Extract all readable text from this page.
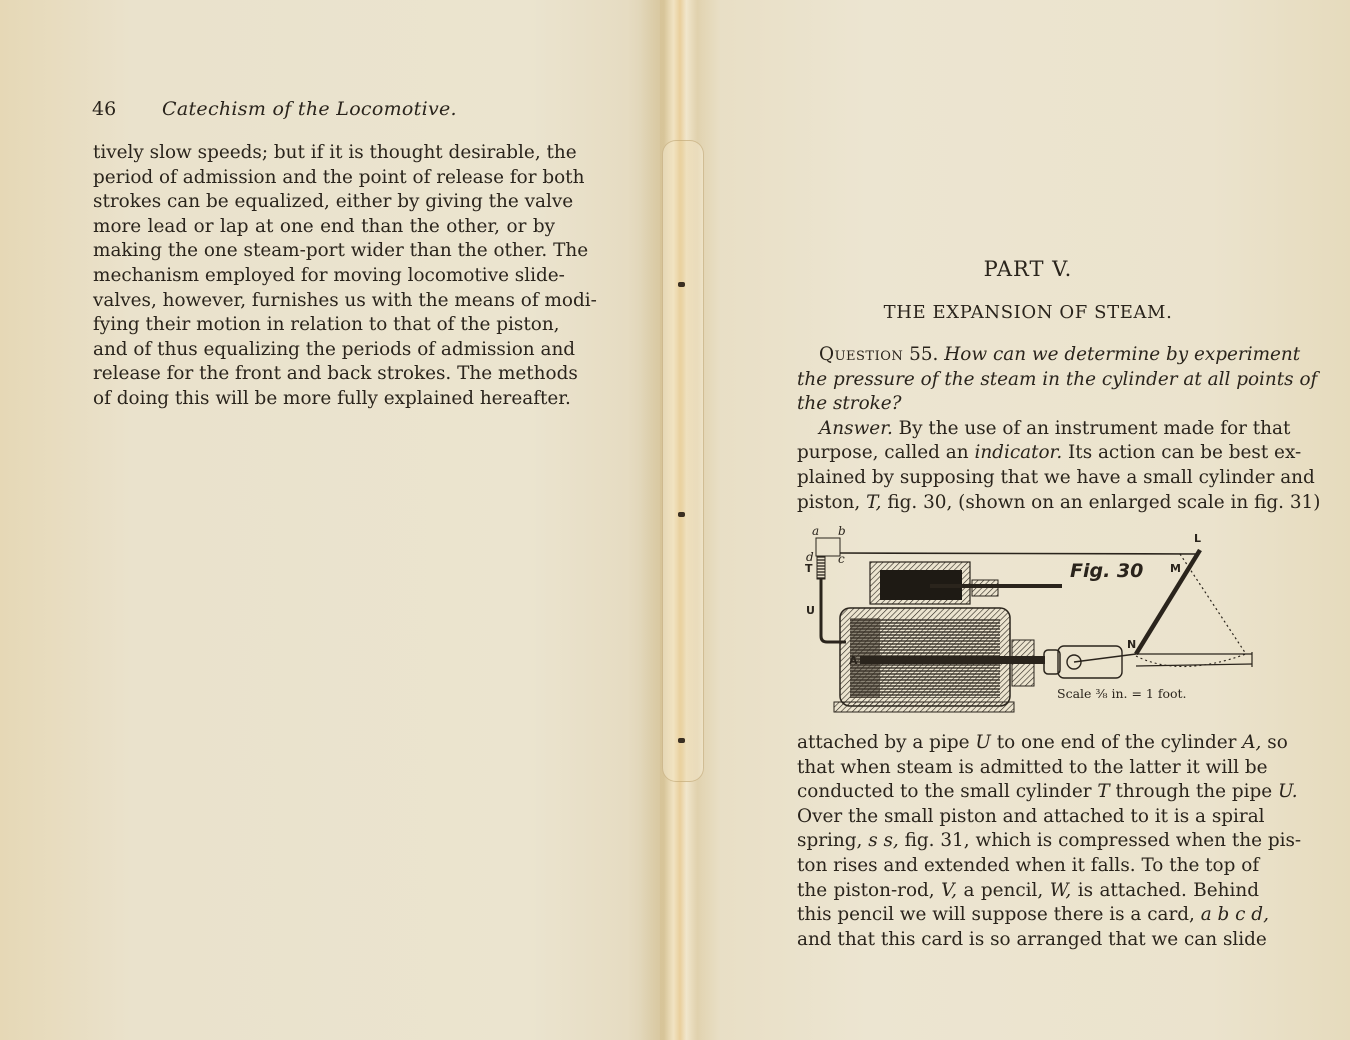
46	Catechism of the Locomotive.
tively slow speeds; but if it is thought desirable, the
period of admission and the point of release for both
strokes can be equalized, either by giving the valve
more lead or lap at one end than the other, or by
making the one steam-port wider than the other. The
mechanism employed for moving locomotive slide-
valves, however, furnishes us with the means of modi-
fying their motion in relation to that of the piston,
and of thus equalizing the periods of admission and
release for the front and back strokes. The methods
of doing this will be more fully explained hereafter.
PART V.
THE EXPANSION OF STEAM.
Question 55. How can we determine by experiment
the pressure of the steam in the cylinder at all points of
the stroke?
Answer. By the use of an instrument made for that
purpose, called an indicator. Its action can be best ex-
plained by supposing that we have a small cylinder and
piston, T, fig. 30, (shown on an enlarged scale in fig. 31)
a b
c
d
T
U
A B
L
M
N
Fig. 30
Scale ⅜ in. = 1 foot.
attached by a pipe U to one end of the cylinder A, so
that when steam is admitted to the latter it will be
conducted to the small cylinder T through the pipe U.
Over the small piston and attached to it is a spiral
spring, s s, fig. 31, which is compressed when the pis-
ton rises and extended when it falls. To the top of
the piston-rod, V, a pencil, W, is attached. Behind
this pencil we will suppose there is a card, a b c d,
and that this card is so arranged that we can slide
